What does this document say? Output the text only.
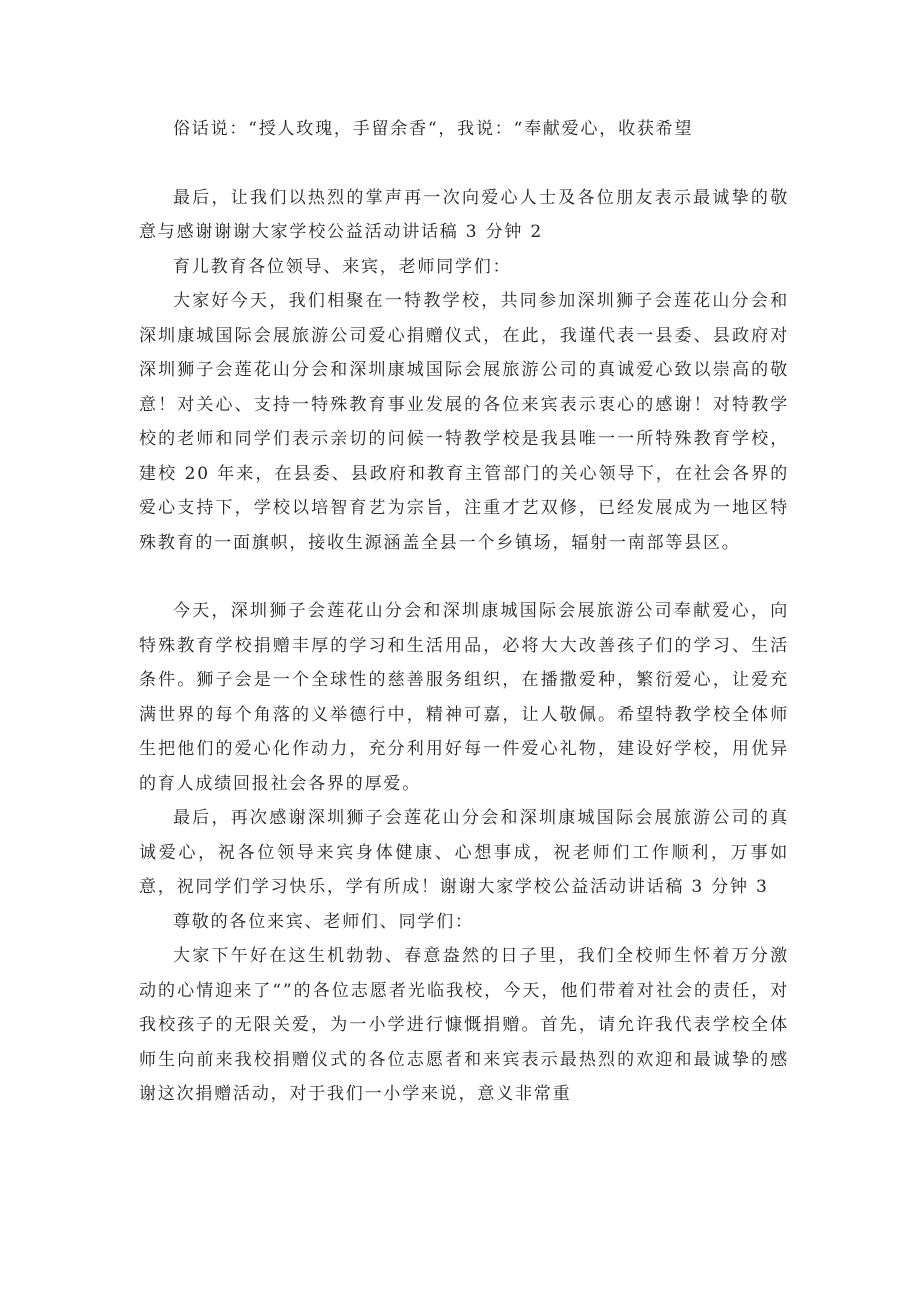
俗话说：“授人玫瑰，手留余香“，我说：“奉献爱心，收获希望

最后，让我们以热烈的掌声再一次向爱心人士及各位朋友表示最诚挚的敬意与感谢谢谢大家学校公益活动讲话稿 3 分钟 2

育儿教育各位领导、来宾，老师同学们：

大家好今天，我们相聚在一特教学校，共同参加深圳狮子会莲花山分会和深圳康城国际会展旅游公司爱心捐赠仪式，在此，我谨代表一县委、县政府对深圳狮子会莲花山分会和深圳康城国际会展旅游公司的真诚爱心致以崇高的敬意！对关心、支持一特殊教育事业发展的各位来宾表示衷心的感谢！对特教学校的老师和同学们表示亲切的问候一特教学校是我县唯一一所特殊教育学校，建校 20 年来，在县委、县政府和教育主管部门的关心领导下，在社会各界的爱心支持下，学校以培智育艺为宗旨，注重才艺双修，已经发展成为一地区特殊教育的一面旗帜，接收生源涵盖全县一个乡镇场，辐射一南部等县区。

今天，深圳狮子会莲花山分会和深圳康城国际会展旅游公司奉献爱心，向特殊教育学校捐赠丰厚的学习和生活用品，必将大大改善孩子们的学习、生活条件。狮子会是一个全球性的慈善服务组织，在播撒爱种，繁衍爱心，让爱充满世界的每个角落的义举德行中，精神可嘉，让人敬佩。希望特教学校全体师生把他们的爱心化作动力，充分利用好每一件爱心礼物，建设好学校，用优异的育人成绩回报社会各界的厚爱。

最后，再次感谢深圳狮子会莲花山分会和深圳康城国际会展旅游公司的真诚爱心，祝各位领导来宾身体健康、心想事成，祝老师们工作顺利，万事如意，祝同学们学习快乐，学有所成！谢谢大家学校公益活动讲话稿 3 分钟 3

尊敬的各位来宾、老师们、同学们：

大家下午好在这生机勃勃、春意盎然的日子里，我们全校师生怀着万分激动的心情迎来了“”的各位志愿者光临我校，今天，他们带着对社会的责任，对我校孩子的无限关爱，为一小学进行慷慨捐赠。首先，请允许我代表学校全体师生向前来我校捐赠仪式的各位志愿者和来宾表示最热烈的欢迎和最诚挚的感谢这次捐赠活动，对于我们一小学来说，意义非常重
